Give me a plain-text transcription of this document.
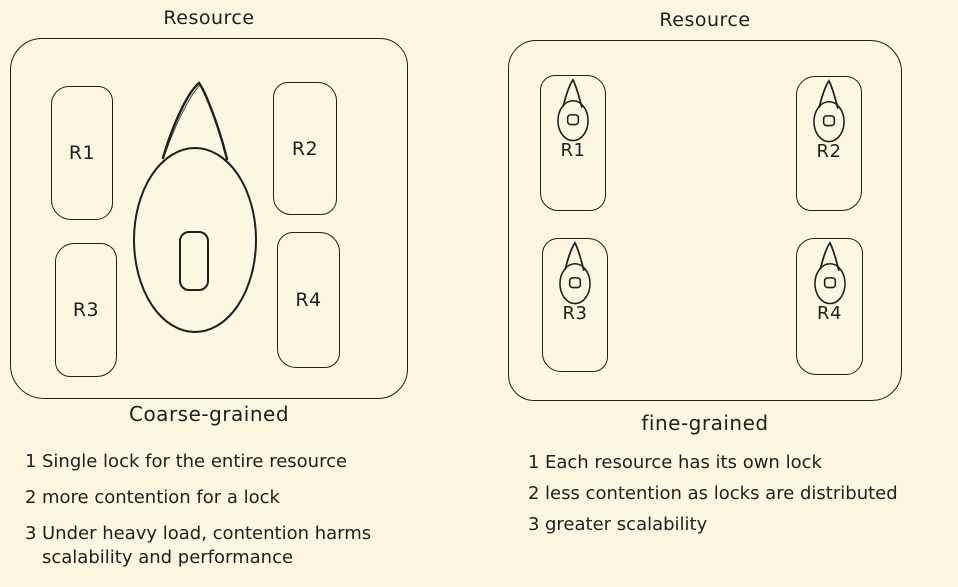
Resource
R1	R2
R3	R4
Coarse-grained
1 Single lock for the entire resource
2 more contention for a lock
3 Under heavy load, contention harms scalability and performance
Resource
R1	R2
R3	R4
fine-grained
1 Each resource has its own lock
2 less contention as locks are distributed
3 greater scalability
